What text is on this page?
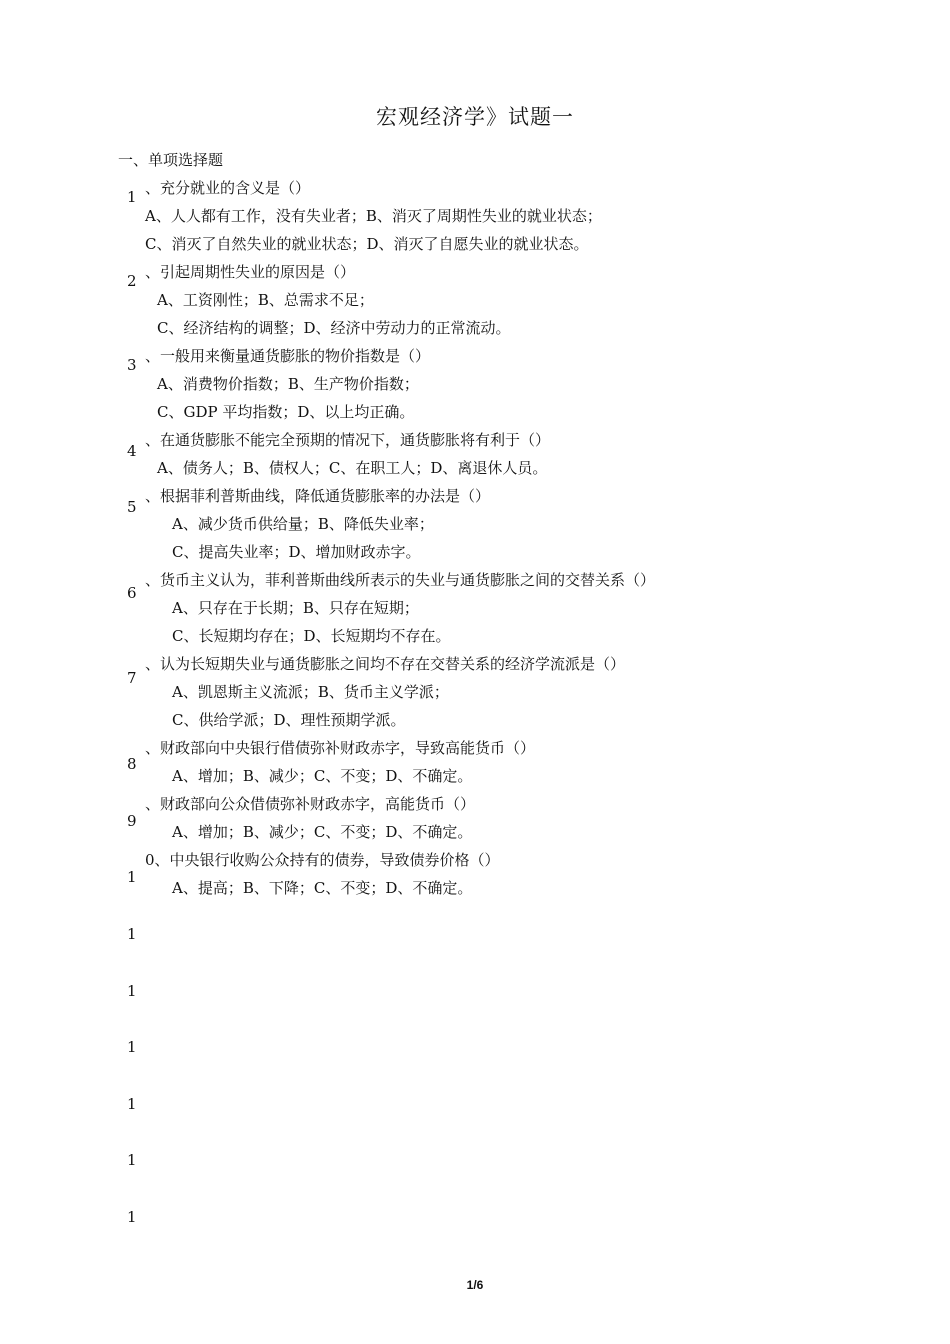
宏观经济学》试题一
一、单项选择题
1 、充分就业的含义是（）
A、人人都有工作，没有失业者；B、消灭了周期性失业的就业状态；
C、消灭了自然失业的就业状态；D、消灭了自愿失业的就业状态。
2 、引起周期性失业的原因是（）
A、工资刚性；B、总需求不足；
C、经济结构的调整；D、经济中劳动力的正常流动。
3 、一般用来衡量通货膨胀的物价指数是（）
A、消费物价指数；B、生产物价指数；
C、GDP 平均指数；D、以上均正确。
4
、在通货膨胀不能完全预期的情况下，通货膨胀将有利于（）
A、债务人；B、债权人；C、在职工人；D、离退休人员。
5
、根据菲利普斯曲线，降低通货膨胀率的办法是（）
A、减少货币供给量；B、降低失业率；
C、提高失业率；D、增加财政赤字。
6
、货币主义认为，菲利普斯曲线所表示的失业与通货膨胀之间的交替关系（）
A、只存在于长期；B、只存在短期；
C、长短期均存在；D、长短期均不存在。
7
、认为长短期失业与通货膨胀之间均不存在交替关系的经济学流派是（）
A、凯恩斯主义流派；B、货币主义学派；
C、供给学派；D、理性预期学派。
8
、财政部向中央银行借债弥补财政赤字，导致高能货币（）
A、增加；B、减少；C、不变；D、不确定。
9
、财政部向公众借债弥补财政赤字，高能货币（）
A、增加；B、减少；C、不变；D、不确定。
1
0、中央银行收购公众持有的债券，导致债券价格（）
A、提高；B、下降；C、不变；D、不确定。
1
1
1
1
1
1
1/6
